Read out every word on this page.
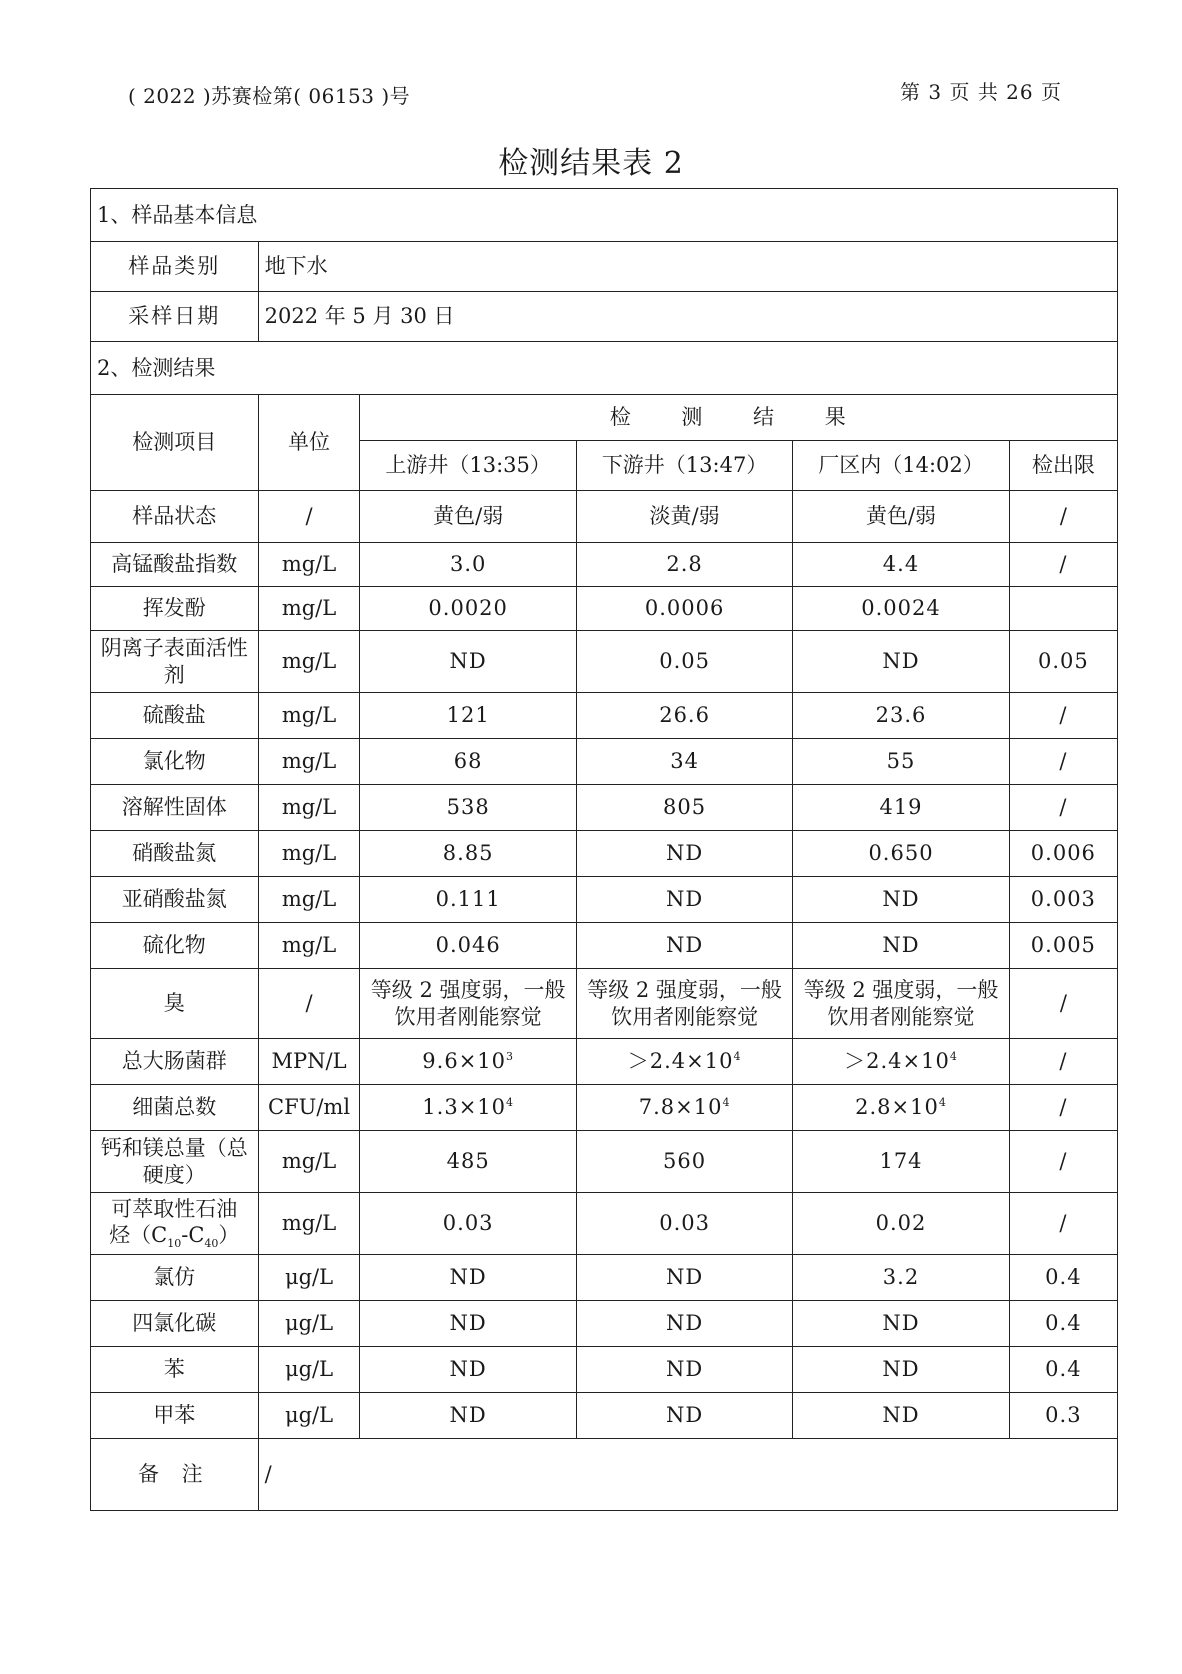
( 2022 )苏赛检第( 06153 )号	第 3 页 共 26 页
检测结果表 2
1、样品基本信息					
样品类别	地下水				
采样日期	2022 年 5 月 30 日				
2、检测结果					
检测项目	单位	检 测 结 果			
		上游井（13:35）	下游井（13:47）	厂区内（14:02）	检出限
样品状态	/	黄色/弱	淡黄/弱	黄色/弱	/
高锰酸盐指数	mg/L	3.0	2.8	4.4	/
挥发酚	mg/L	0.0020	0.0006	0.0024	
阴离子表面活性剂	mg/L	ND	0.05	ND	0.05
硫酸盐	mg/L	121	26.6	23.6	/
氯化物	mg/L	68	34	55	/
溶解性固体	mg/L	538	805	419	/
硝酸盐氮	mg/L	8.85	ND	0.650	0.006
亚硝酸盐氮	mg/L	0.111	ND	ND	0.003
硫化物	mg/L	0.046	ND	ND	0.005
臭	/	等级 2 强度弱，一般饮用者刚能察觉	等级 2 强度弱，一般饮用者刚能察觉	等级 2 强度弱，一般饮用者刚能察觉	/
总大肠菌群	MPN/L	$9.6\times 10^3$	$>2.4\times 10^4$	$>2.4\times 10^4$	/
细菌总数	CFU/ml	$1.3\times 10^4$	$7.8\times 10^4$	$2.8\times 10^4$	/
钙和镁总量（总硬度）	mg/L	485	560	174	/
可萃取性石油
烃$(C_{10}-C_{40})$	mg/L	0.03	0.03	0.02	/
氯仿	μg/L	ND	ND	3.2	0.4
四氯化碳	μg/L	ND	ND	ND	0.4
苯	μg/L	ND	ND	ND	0.4
甲苯	μg/L	ND	ND	ND	0.3
备 注	/				
